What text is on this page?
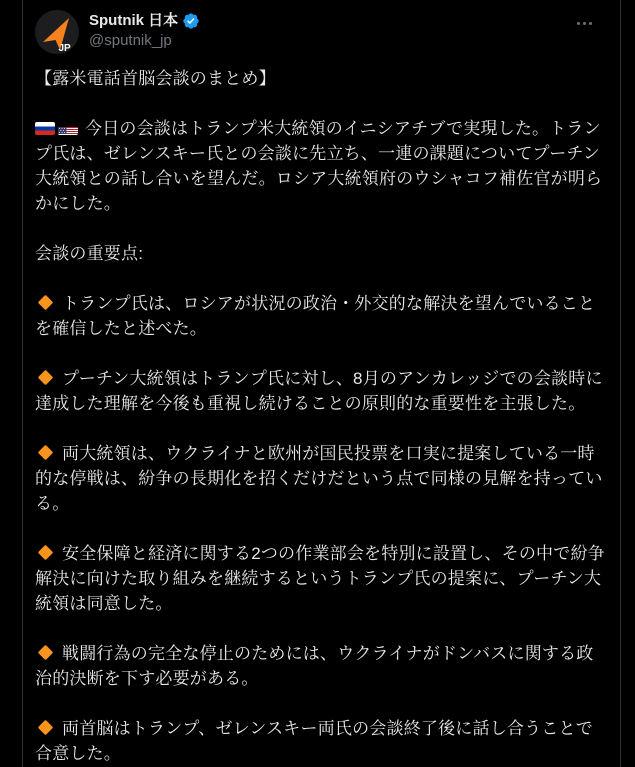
JP
Sputnik 日本
@sputnik_jp
【露米電話首脳会談のまとめ】
今日の会談はトランプ米大統領のイニシアチブで実現した。トランプ氏は、ゼレンスキー氏との会談に先立ち、一連の課題についてプーチン大統領との話し合いを望んだ。ロシア大統領府のウシャコフ補佐官が明らかにした。
会談の重要点:
トランプ氏は、ロシアが状況の政治・外交的な解決を望んでいることを確信したと述べた。
プーチン大統領はトランプ氏に対し、8月のアンカレッジでの会談時に達成した理解を今後も重視し続けることの原則的な重要性を主張した。
両大統領は、ウクライナと欧州が国民投票を口実に提案している一時的な停戦は、紛争の長期化を招くだけだという点で同様の見解を持っている。
安全保障と経済に関する2つの作業部会を特別に設置し、その中で紛争解決に向けた取り組みを継続するというトランプ氏の提案に、プーチン大統領は同意した。
戦闘行為の完全な停止のためには、ウクライナがドンバスに関する政治的決断を下す必要がある。
両首脳はトランプ、ゼレンスキー両氏の会談終了後に話し合うことで合意した。
